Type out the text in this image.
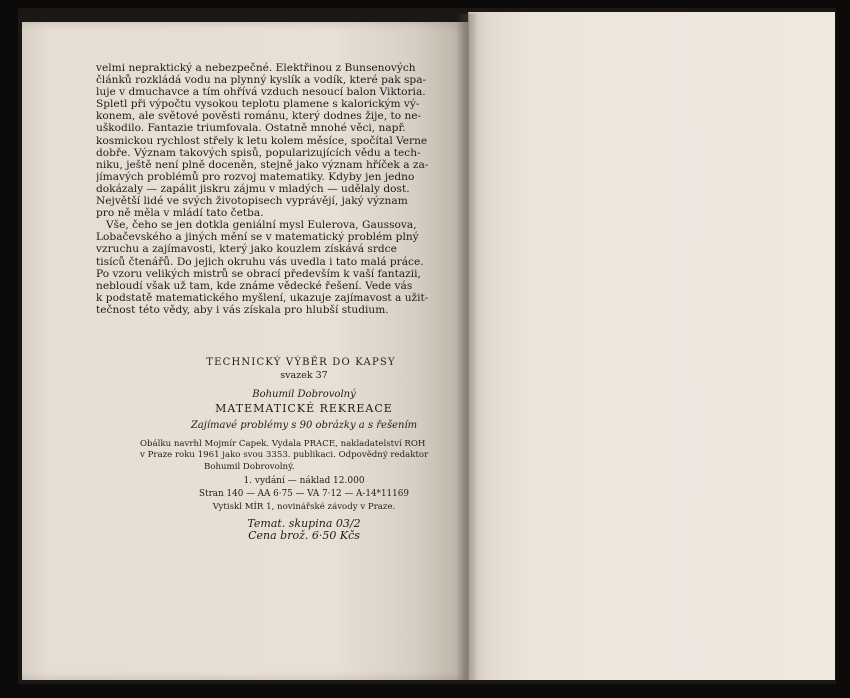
velmi nepraktický a nebezpečné. Elektřinou z Bunsenových
článků rozkládá vodu na plynný kyslík a vodík, které pak spa-
luje v dmuchavce a tím ohřívá vzduch nesoucí balon Viktoria.
Spletl při výpočtu vysokou teplotu plamene s kalorickým vý-
konem, ale světové pověsti románu, který dodnes žije, to ne-
uškodilo. Fantazie triumfovala. Ostatně mnohé věci, např.
kosmickou rychlost střely k letu kolem měsíce, spočítal Verne
dobře. Význam takových spisů, popularizujících vědu a tech-
niku, ještě není plně doceněn, stejně jako význam hříček a za-
jímavých problémů pro rozvoj matematiky. Kdyby jen jedno
dokázaly — zapálit jiskru zájmu v mladých — udělaly dost.
Největší lidé ve svých životopisech vyprávějí, jaký význam
pro ně měla v mládí tato četba.
Vše, čeho se jen dotkla geniální mysl Eulerova, Gaussova,
Lobačevského a jiných mění se v matematický problém plný
vzruchu a zajímavosti, který jako kouzlem získává srdce
tisíců čtenářů. Do jejich okruhu vás uvedla i tato malá práce.
Po vzoru velikých mistrů se obrací především k vaší fantazii,
nebloudí však už tam, kde známe vědecké řešení. Vede vás
k podstatě matematického myšlení, ukazuje zajímavost a užit-
tečnost této vědy, aby i vás získala pro hlubší studium.
TECHNICKÝ VÝBĚR DO KAPSY
svazek 37
Bohumil Dobrovolný
MATEMATICKÉ REKREACE
Zajímavé problémy s 90 obrázky a s řešením
Obálku navrhl Mojmír Čapek. Vydala PRÁCE, nakladatelství ROH
v Praze roku 1961 jako svou 3353. publikaci. Odpovědný redaktor
Bohumil Dobrovolný.
1. vydání — náklad 12.000
Stran 140 — AA 6·75 — VA 7·12 — A-14*11169
Vytiskl MÍR 1, novinářské závody v Praze.
Temat. skupina 03/2
Cena brož. 6·50 Kčs
